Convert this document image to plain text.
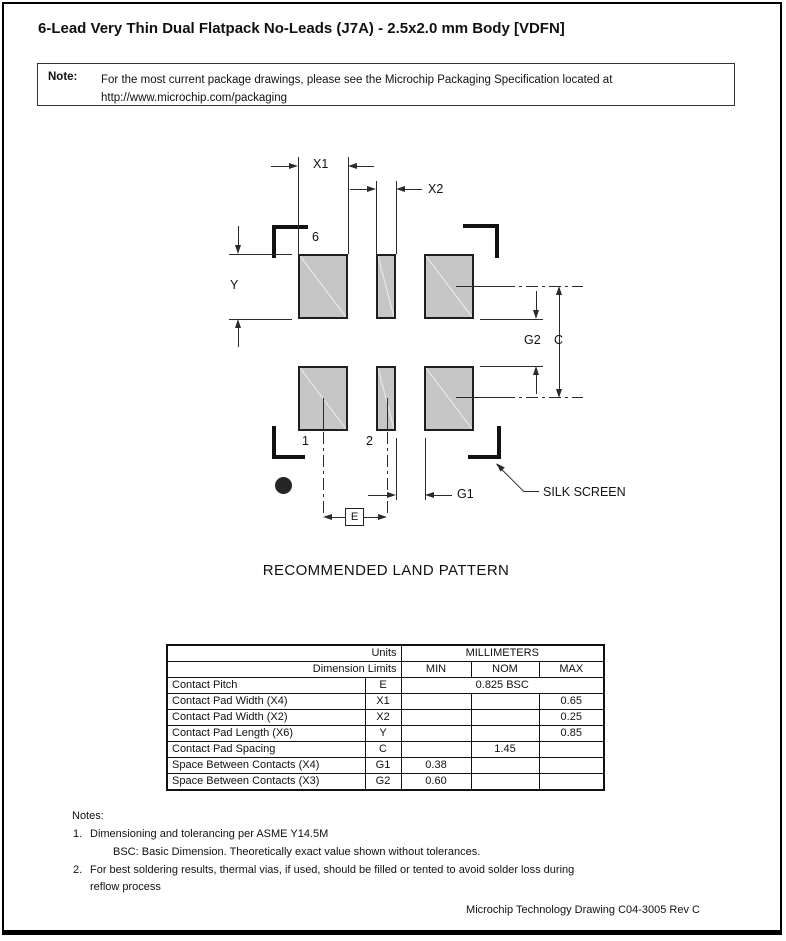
6-Lead Very Thin Dual Flatpack No-Leads (J7A) - 2.5x2.0 mm Body [VDFN]
Note: For the most current package drawings, please see the Microchip Packaging Specification located at
http://www.microchip.com/packaging
6
1	2
X1
X2
Y
G2 C
E
G1	SILK SCREEN
RECOMMENDED LAND PATTERN
Units		MILLIMETERS		
Dimension Limits		MIN	NOM	MAX
Contact Pitch	E	0.825 BSC		
Contact Pad Width (X4)	X1			0.65
Contact Pad Width (X2)	X2			0.25
Contact Pad Length (X6)	Y			0.85
Contact Pad Spacing	C		1.45	
Space Between Contacts (X4)	G1	0.38		
Space Between Contacts (X3)	G2	0.60		
Notes:
1. Dimensioning and tolerancing per ASME Y14.5M
BSC: Basic Dimension. Theoretically exact value shown without tolerances.
2. For best soldering results, thermal vias, if used, should be filled or tented to avoid solder loss during
reflow process
Microchip Technology Drawing C04-3005 Rev C
